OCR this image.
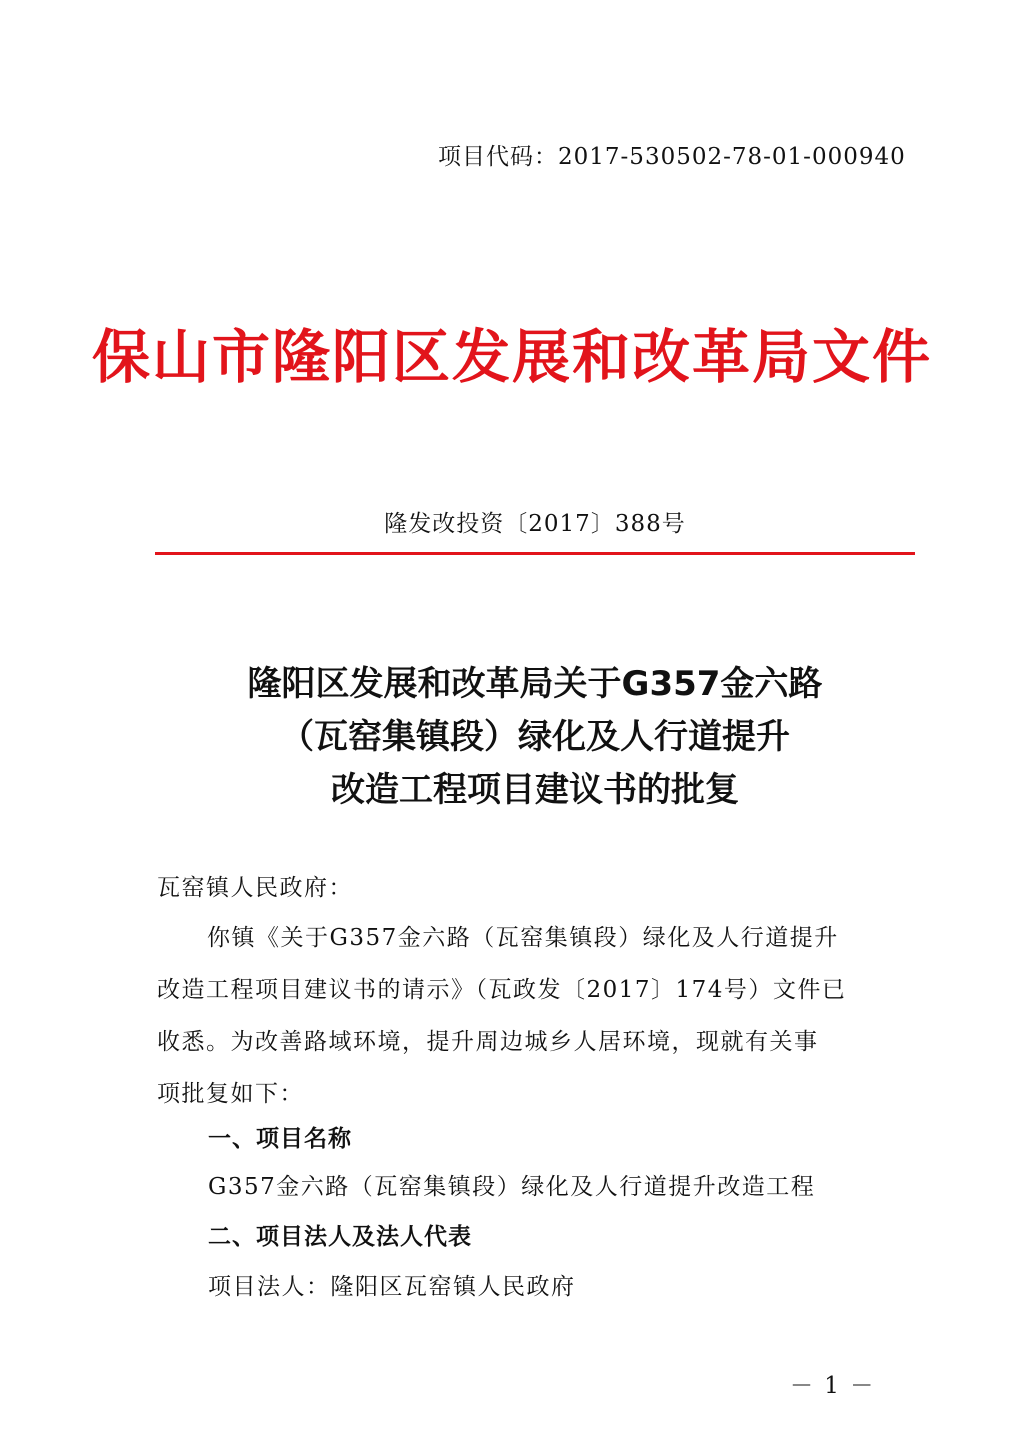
项目代码：2017-530502-78-01-000940
保山市隆阳区发展和改革局文件
隆发改投资〔2017〕388号
隆阳区发展和改革局关于G357金六路
（瓦窑集镇段）绿化及人行道提升
改造工程项目建议书的批复
瓦窑镇人民政府：
你镇《关于G357金六路（瓦窑集镇段）绿化及人行道提升
改造工程项目建议书的请示》（瓦政发〔2017〕174号）文件已
收悉。为改善路域环境，提升周边城乡人居环境，现就有关事
项批复如下：
一、项目名称
G357金六路（瓦窑集镇段）绿化及人行道提升改造工程
二、项目法人及法人代表
项目法人：隆阳区瓦窑镇人民政府
－ 1 －
